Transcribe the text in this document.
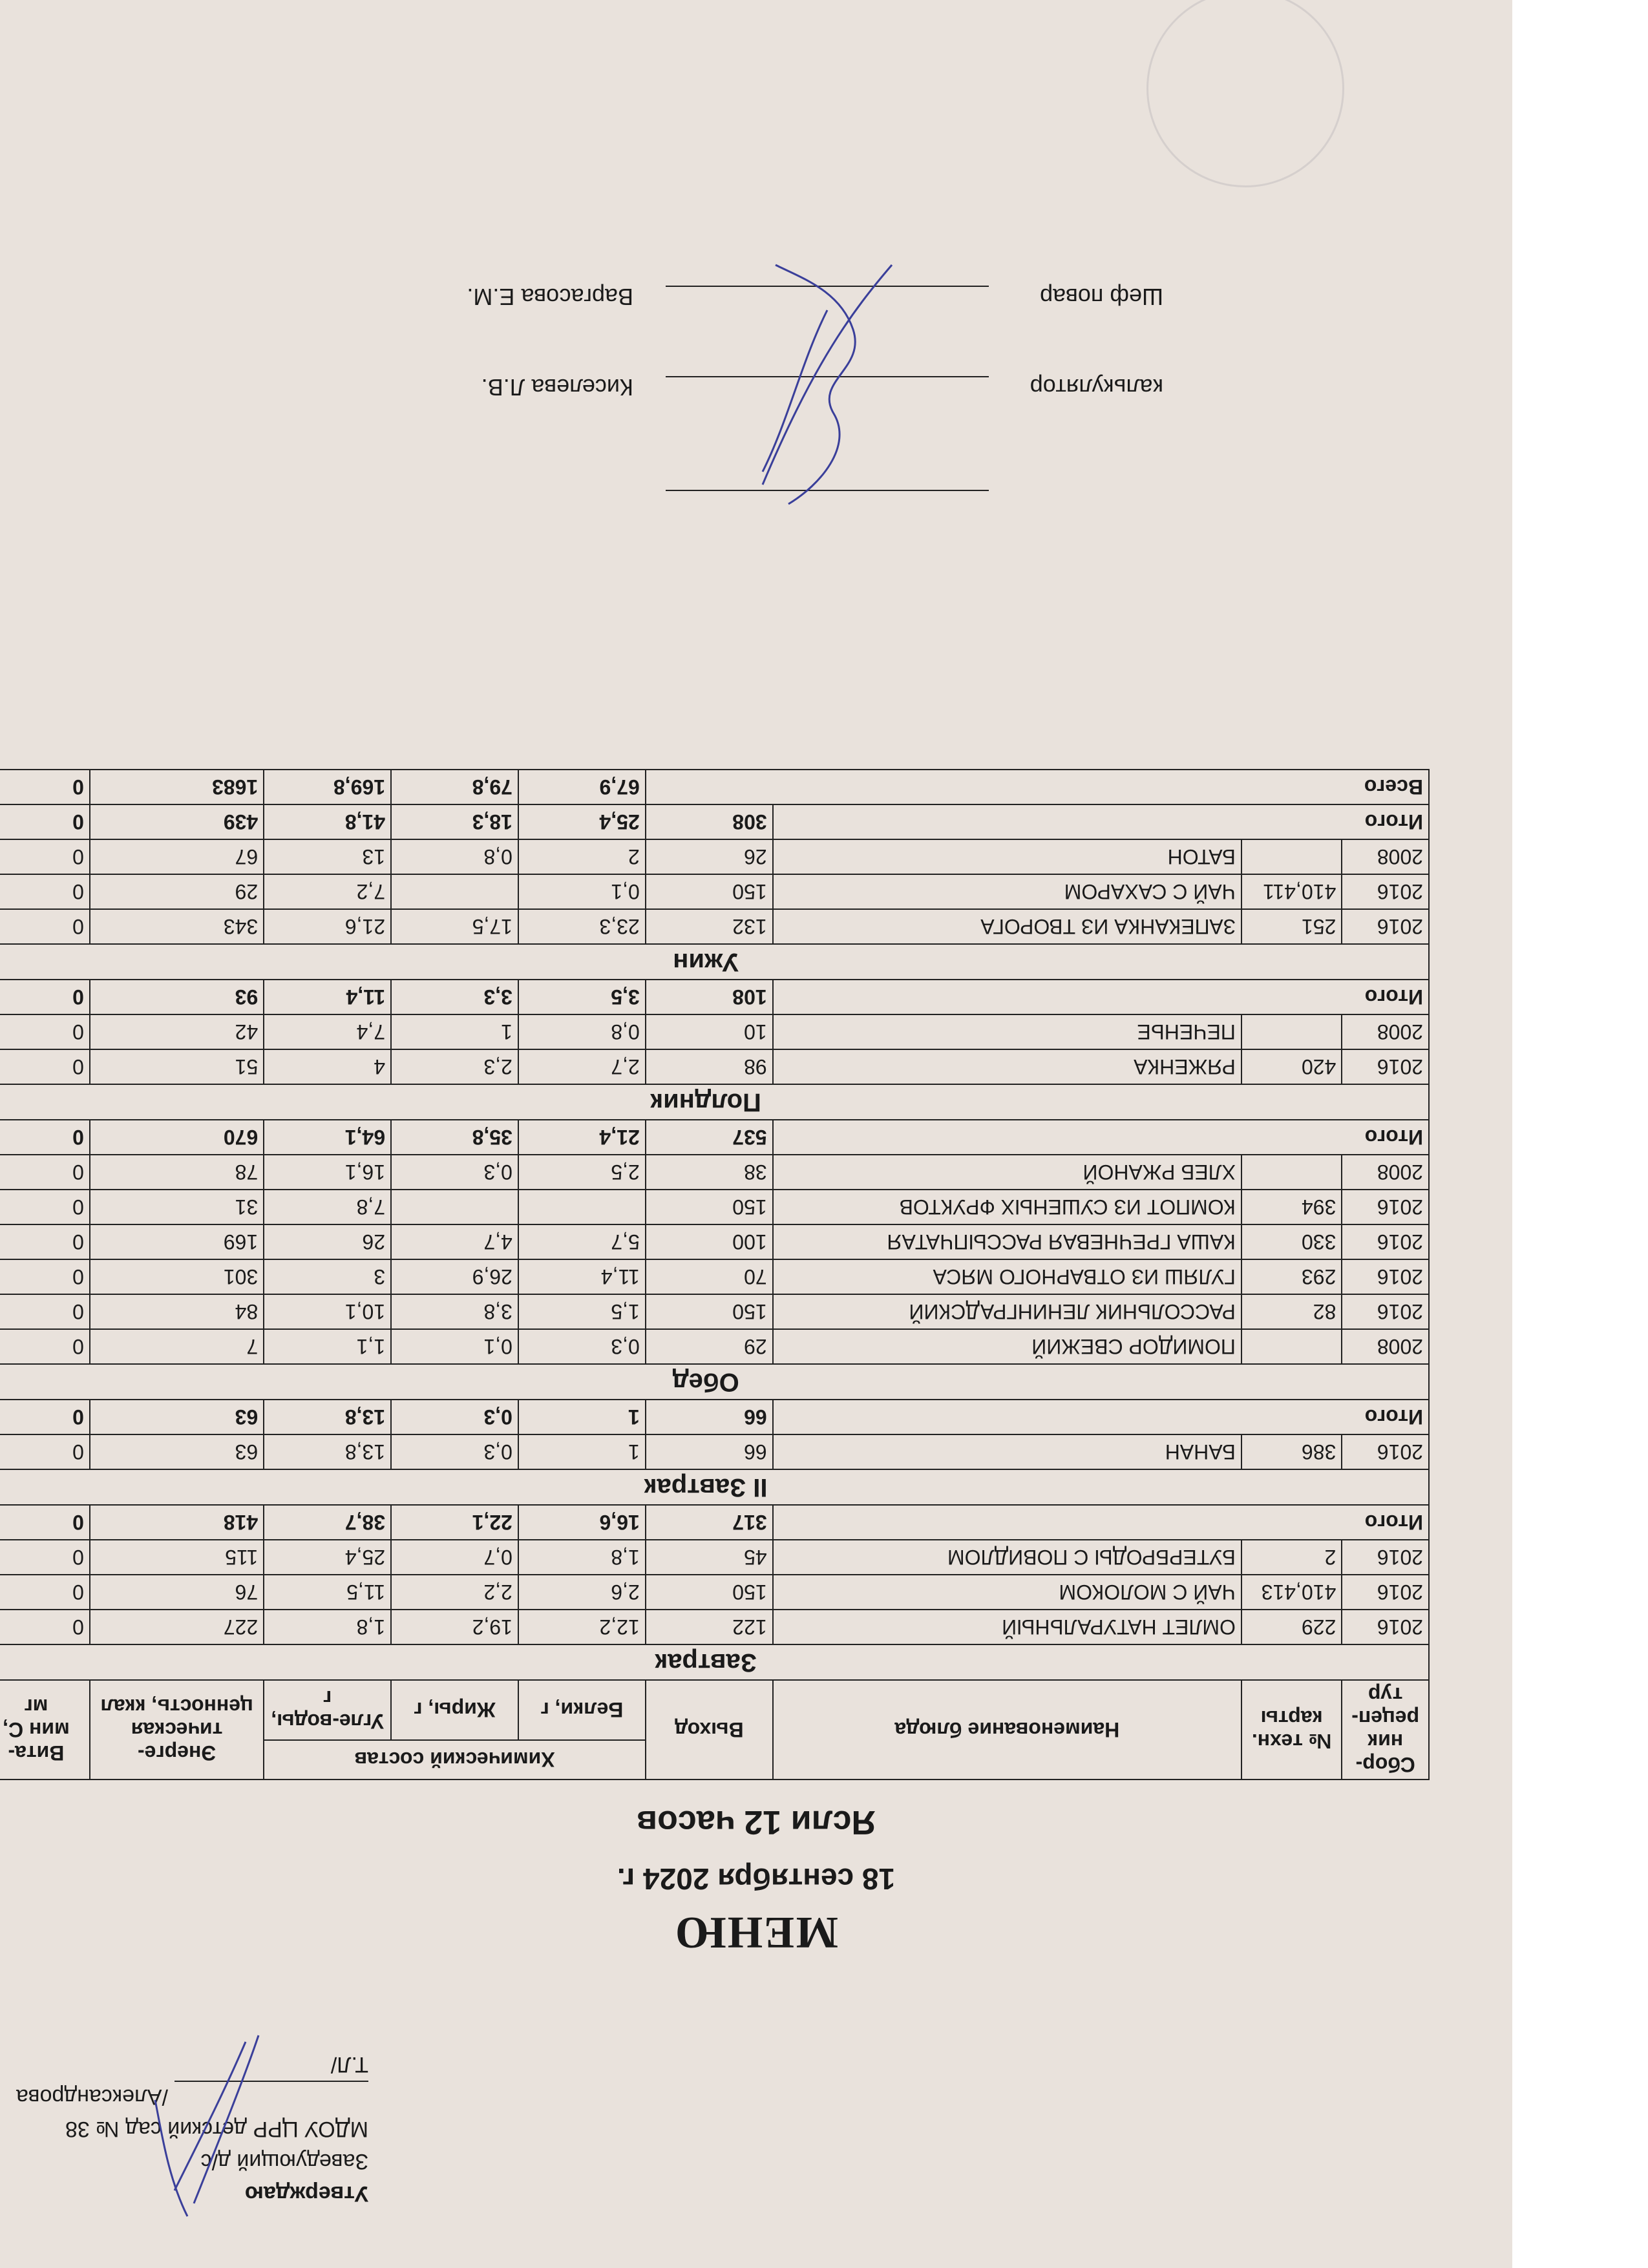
Утверждаю
Заведующий д/с
МДОУ ЦРР детский сад № 38
/Александрова Т.Л/
МЕНЮ
18 сентября 2024 г.
Ясли 12 часов
Сбор-ник рецеп-тур	№ техн. карты	Наименование блюда	Выход	Химический состав			Энерге-тическая ценность, ккал	Вита-мин С, мг
				Белки, г	Жиры, г	Угле-воды, г		
Завтрак								
2016	229	ОМЛЕТ НАТУРАЛЬНЫЙ	122	12,2	19,2	1,8	227	0
2016	410,413	ЧАЙ С МОЛОКОМ	150	2,6	2,2	11,5	76	0
2016	2	БУТЕРБРОДЫ С ПОВИДЛОМ	45	1,8	0,7	25,4	115	0
Итого			317	16,6	22,1	38,7	418	0
II Завтрак								
2016	386	БАНАН	66	1	0,3	13,8	63	0
Итого			66	1	0,3	13,8	63	0
Обед								
2008		ПОМИДОР СВЕЖИЙ	29	0,3	0,1	1,1	7	0
2016	82	РАССОЛЬНИК ЛЕНИНГРАДСКИЙ	150	1,5	3,8	10,1	84	0
2016	293	ГУЛЯШ ИЗ ОТВАРНОГО МЯСА	70	11,4	26,9	3	301	0
2016	330	КАША ГРЕЧНЕВАЯ РАССЫПЧАТАЯ	100	5,7	4,7	26	169	0
2016	394	КОМПОТ ИЗ СУШЕНЫХ ФРУКТОВ	150			7,8	31	0
2008		ХЛЕБ РЖАНОЙ	38	2,5	0,3	16,1	78	0
Итого			537	21,4	35,8	64,1	670	0
Полдник								
2016	420	РЯЖЕНКА	98	2,7	2,3	4	51	0
2008		ПЕЧЕНЬЕ	10	0,8	1	7,4	42	0
Итого			108	3,5	3,3	11,4	93	0
Ужин								
2016	251	ЗАПЕКАНКА ИЗ ТВОРОГА	132	23,3	17,5	21,6	343	0
2016	410,411	ЧАЙ С САХАРОМ	150	0,1		7,2	29	0
2008		БАТОН	26	2	0,8	13	67	0
Итого			308	25,4	18,3	41,8	439	0
Всего				67,9	79,8	169,8	1683	0
калькулятор
Киселева Л.В.
Шеф повар
Варгасова Е.М.
